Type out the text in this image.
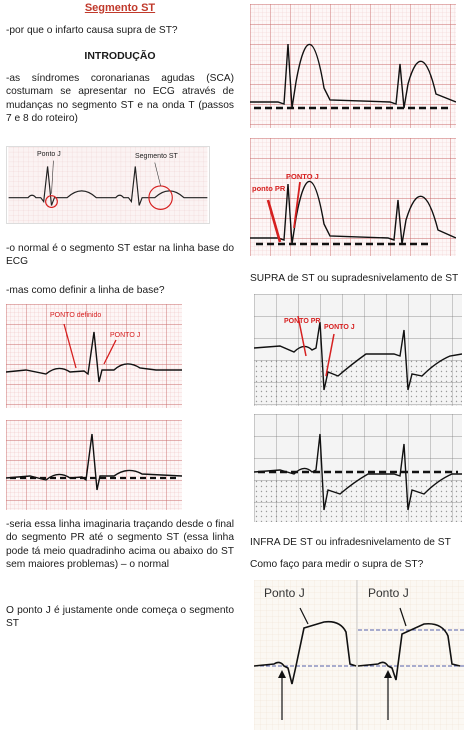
Segmento ST
-por que o infarto causa supra de ST?
INTRODUÇÃO
-as síndromes coronarianas agudas (SCA) costumam se apresentar no ECG através de mudanças no segmento ST e na onda T (passos 7 e 8 do roteiro)
Ponto J	Segmento ST
-o normal é o segmento ST estar na linha base do ECG
-mas como definir a linha de base?
PONTO definido
PONTO J
-seria essa linha imaginaria traçando desde o final do segmento PR até o segmento ST (essa linha pode tá meio quadradinho acima ou abaixo do ST sem maiores problemas) – o normal
O ponto J é justamente onde começa o segmento ST
ponto PR
PONTO J
SUPRA de ST ou supradesnivelamento de ST
PONTO PR
PONTO J
INFRA DE ST ou infradesnivelamento de ST
Como faço para medir o supra de ST?
Ponto J	Ponto J
